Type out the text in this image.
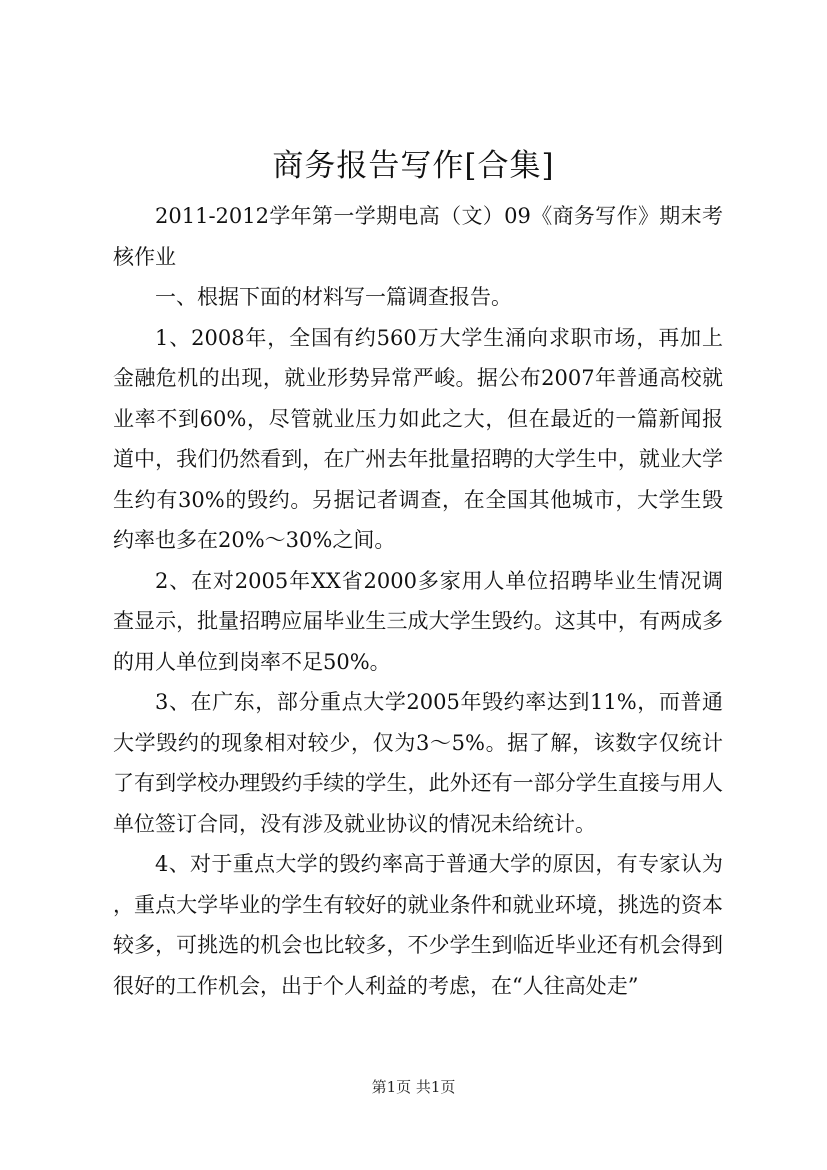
商务报告写作[合集]

2011-2012学年第一学期电高（文）09《商务写作》期末考核作业

一、根据下面的材料写一篇调查报告。

1、2008年，全国有约560万大学生涌向求职市场，再加上金融危机的出现，就业形势异常严峻。据公布2007年普通高校就业率不到60%，尽管就业压力如此之大，但在最近的一篇新闻报道中，我们仍然看到，在广州去年批量招聘的大学生中，就业大学生约有30%的毁约。另据记者调查，在全国其他城市，大学生毁约率也多在20%～30%之间。

2、在对2005年XX省2000多家用人单位招聘毕业生情况调查显示，批量招聘应届毕业生三成大学生毁约。这其中，有两成多的用人单位到岗率不足50%。

3、在广东，部分重点大学2005年毁约率达到11%，而普通大学毁约的现象相对较少，仅为3～5%。据了解，该数字仅统计了有到学校办理毁约手续的学生，此外还有一部分学生直接与用人单位签订合同，没有涉及就业协议的情况未给统计。

4、对于重点大学的毁约率高于普通大学的原因，有专家认为，重点大学毕业的学生有较好的就业条件和就业环境，挑选的资本较多，可挑选的机会也比较多，不少学生到临近毕业还有机会得到很好的工作机会，出于个人利益的考虑，在“人往高处走”

第1页 共1页
